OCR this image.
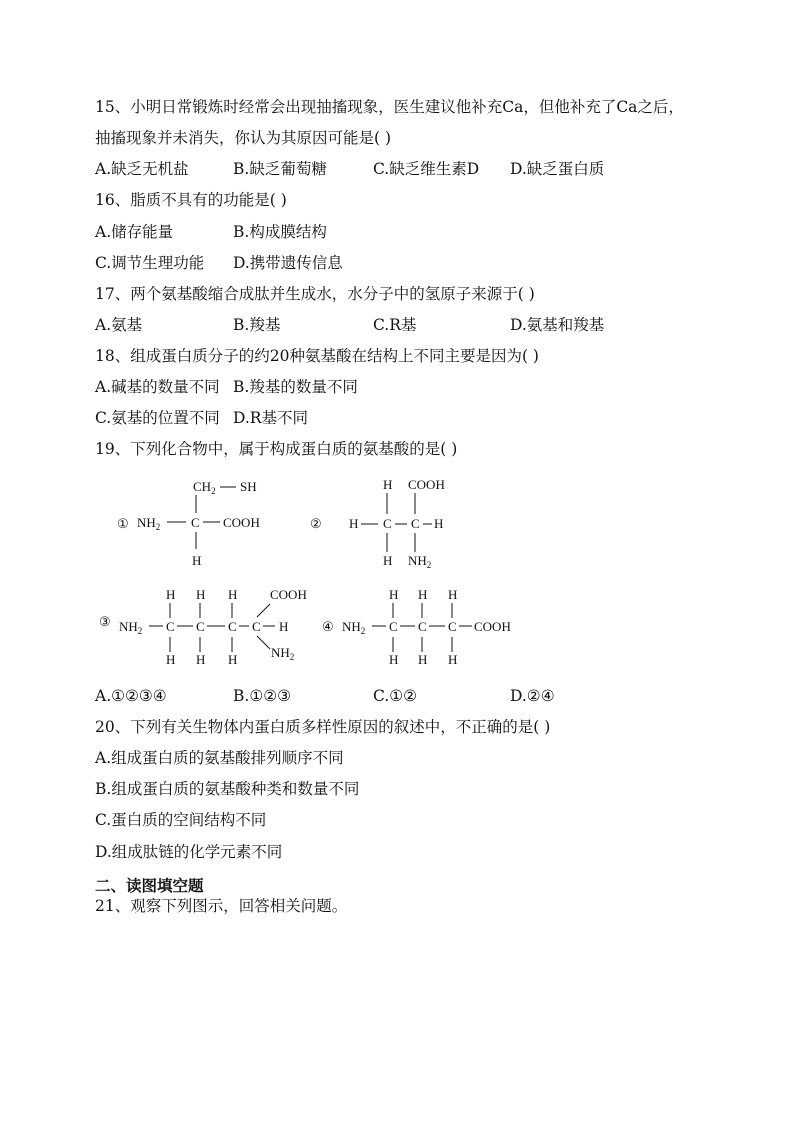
15、小明日常锻炼时经常会出现抽搐现象，医生建议他补充Ca，但他补充了Ca之后，
抽搐现象并未消失，你认为其原因可能是( )
A.缺乏无机盐	B.缺乏葡萄糖	C.缺乏维生素D D.缺乏蛋白质
16、脂质不具有的功能是( )
A.储存能量	B.构成膜结构
C.调节生理功能 D.携带遗传信息
17、两个氨基酸缩合成肽并生成水，水分子中的氢原子来源于( )
A.氨基	B.羧基	C.R基	D.氨基和羧基
18、组成蛋白质分子的约20种氨基酸在结构上不同主要是因为( )
A.碱基的数量不同 B.羧基的数量不同
C.氨基的位置不同 D.R基不同
19、下列化合物中，属于构成蛋白质的氨基酸的是( )
①
$CH_2$ SH
$NH_2$ C COOH
H
②
H COOH
H C C H
H $NH_2$
③
H H H
$NH_2$ C C C C H
COOH
$NH_2$
H H H
④
H H H
$NH_2$ C C C COOH
H H H
A.①②③④	B.①②③	C.①②	D.②④
20、下列有关生物体内蛋白质多样性原因的叙述中，不正确的是( )
A.组成蛋白质的氨基酸排列顺序不同
B.组成蛋白质的氨基酸种类和数量不同
C.蛋白质的空间结构不同
D.组成肽链的化学元素不同
二、读图填空题
21、观察下列图示，回答相关问题。
